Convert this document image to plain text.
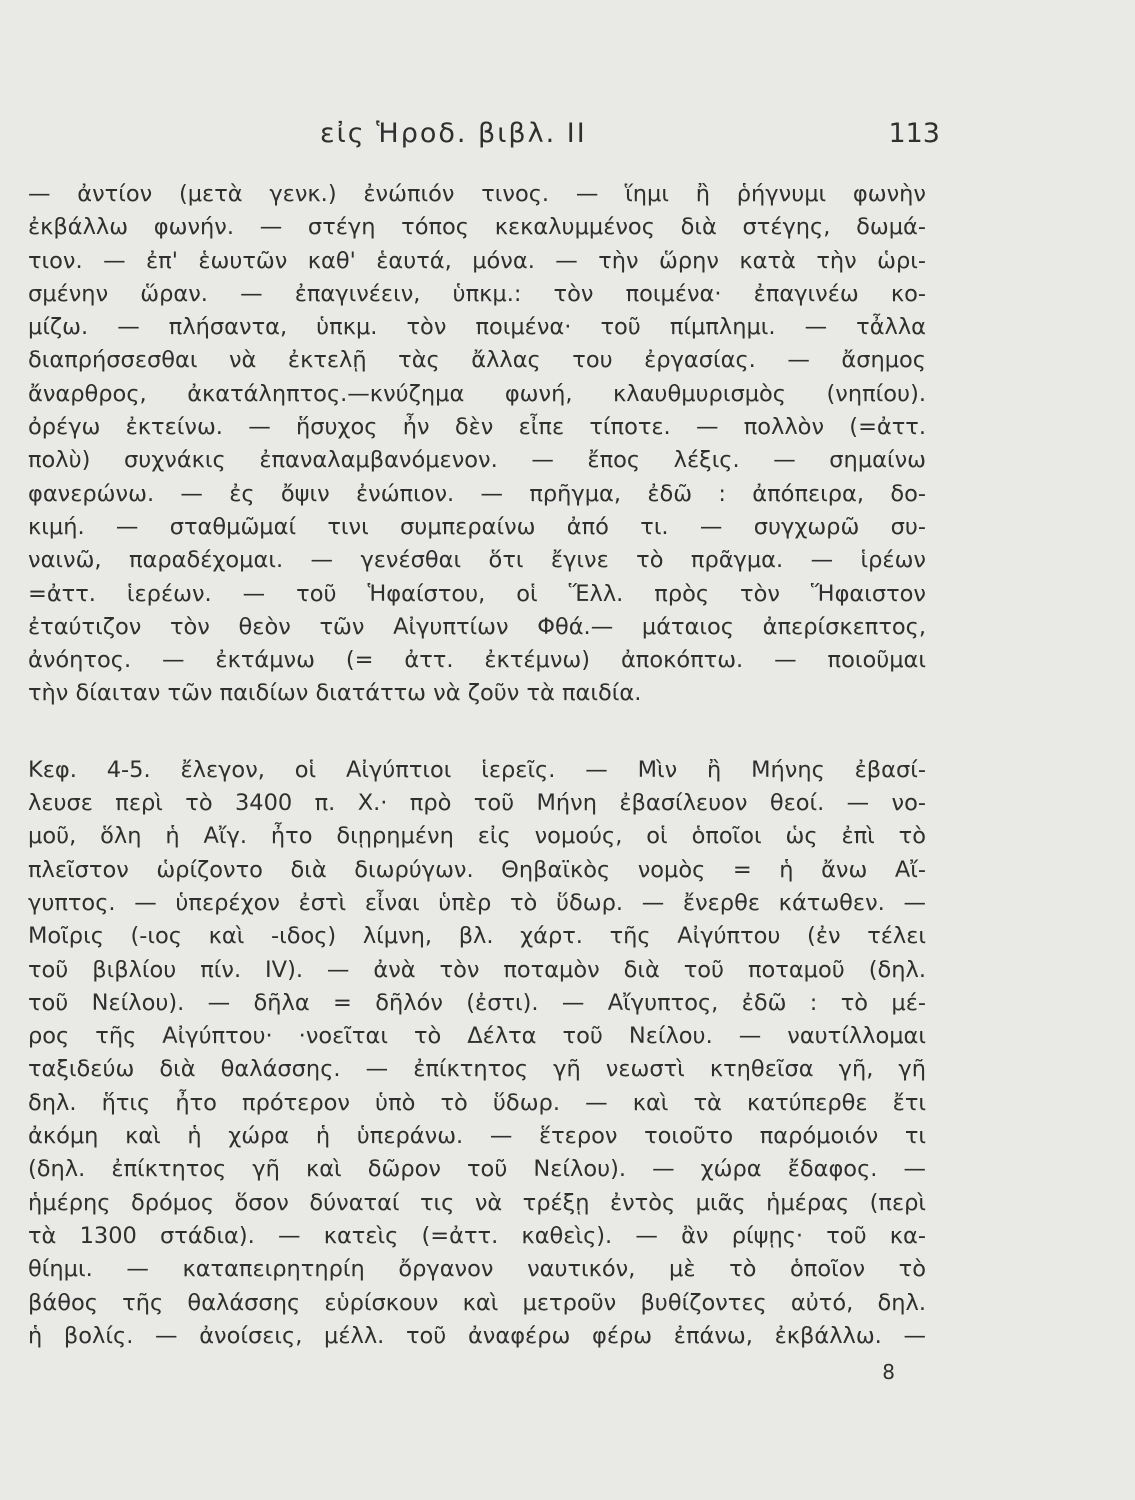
εἰς Ἡροδ. βιβλ. ΙΙ	113
— ἀντίον (μετὰ γενκ.) ἐνώπιόν τινος. — ἵημι ἢ ῥήγνυμι φωνὴν
ἐκβάλλω φωνήν. — στέγη τόπος κεκαλυμμένος διὰ στέγης, δωμά-
τιον. — ἐπ' ἑωυτῶν καθ' ἑαυτά, μόνα. — τὴν ὥρην κατὰ τὴν ὡρι-
σμένην ὥραν. — ἐπαγινέειν, ὑπκμ.: τὸν ποιμένα· ἐπαγινέω κο-
μίζω. — πλήσαντα, ὑπκμ. τὸν ποιμένα· τοῦ πίμπλημι. — τἆλλα
διαπρήσσεσθαι νὰ ἐκτελῇ τὰς ἄλλας του ἐργασίας. — ἄσημος
ἄναρθρος, ἀκατάληπτος.—κνύζημα φωνή, κλαυθμυρισμὸς (νηπίου).
ὀρέγω ἐκτείνω. — ἥσυχος ἦν δὲν εἶπε τίποτε. — πολλὸν (=ἀττ.
πολὺ) συχνάκις ἐπαναλαμβανόμενον. — ἔπος λέξις. — σημαίνω
φανερώνω. — ἐς ὄψιν ἐνώπιον. — πρῆγμα, ἐδῶ : ἀπόπειρα, δο-
κιμή. — σταθμῶμαί τινι συμπεραίνω ἀπό τι. — συγχωρῶ συ-
ναινῶ, παραδέχομαι. — γενέσθαι ὅτι ἔγινε τὸ πρᾶγμα. — ἱρέων
=ἀττ. ἱερέων. — τοῦ Ἡφαίστου, οἱ Ἕλλ. πρὸς τὸν Ἥφαιστον
ἐταύτιζον τὸν θεὸν τῶν Αἰγυπτίων Φθά.— μάταιος ἀπερίσκεπτος,
ἀνόητος. — ἐκτάμνω (= ἀττ. ἐκτέμνω) ἀποκόπτω. — ποιοῦμαι
τὴν δίαιταν τῶν παιδίων διατάττω νὰ ζοῦν τὰ παιδία.
Κεφ. 4-5. ἔλεγον, οἱ Αἰγύπτιοι ἱερεῖς. — Μὶν ἢ Μήνης ἐβασί-
λευσε περὶ τὸ 3400 π. Χ.· πρὸ τοῦ Μήνη ἐβασίλευον θεοί. — νο-
μοῦ, ὅλη ἡ Αἴγ. ἦτο διῃρημένη εἰς νομούς, οἱ ὁποῖοι ὡς ἐπὶ τὸ
πλεῖστον ὡρίζοντο διὰ διωρύγων. Θηβαϊκὸς νομὸς = ἡ ἄνω Αἴ-
γυπτος. — ὑπερέχον ἐστὶ εἶναι ὑπὲρ τὸ ὕδωρ. — ἔνερθε κάτωθεν. —
Μοῖρις (-ιος καὶ -ιδος) λίμνη, βλ. χάρτ. τῆς Αἰγύπτου (ἐν τέλει
τοῦ βιβλίου πίν. IV). — ἀνὰ τὸν ποταμὸν διὰ τοῦ ποταμοῦ (δηλ.
τοῦ Νείλου). — δῆλα = δῆλόν (ἐστι). — Αἴγυπτος, ἐδῶ : τὸ μέ-
ρος τῆς Αἰγύπτου· ·νοεῖται τὸ Δέλτα τοῦ Νείλου. — ναυτίλλομαι
ταξιδεύω διὰ θαλάσσης. — ἐπίκτητος γῆ νεωστὶ κτηθεῖσα γῆ, γῆ
δηλ. ἥτις ἦτο πρότερον ὑπὸ τὸ ὕδωρ. — καὶ τὰ κατύπερθε ἔτι
ἀκόμη καὶ ἡ χώρα ἡ ὑπεράνω. — ἕτερον τοιοῦτο παρόμοιόν τι
(δηλ. ἐπίκτητος γῆ καὶ δῶρον τοῦ Νείλου). — χώρα ἔδαφος. —
ἡμέρης δρόμος ὅσον δύναταί τις νὰ τρέξῃ ἐντὸς μιᾶς ἡμέρας (περὶ
τὰ 1300 στάδια). — κατεὶς (=ἀττ. καθεὶς). — ἂν ρίψῃς· τοῦ κα-
θίημι. — καταπειρητηρίη ὄργανον ναυτικόν, μὲ τὸ ὁποῖον τὸ
βάθος τῆς θαλάσσης εὑρίσκουν καὶ μετροῦν βυθίζοντες αὐτό, δηλ.
ἡ βολίς. — ἀνοίσεις, μέλλ. τοῦ ἀναφέρω φέρω ἐπάνω, ἐκβάλλω. —
8
